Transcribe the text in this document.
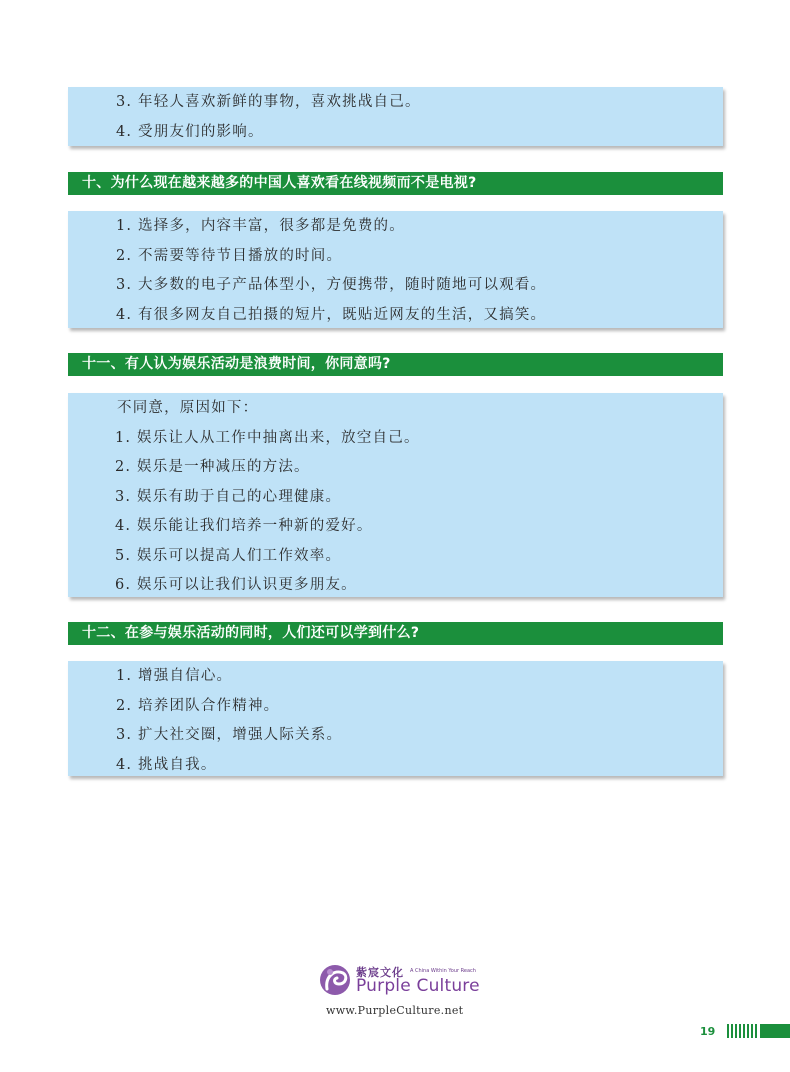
3. 年轻人喜欢新鲜的事物，喜欢挑战自己。
4. 受朋友们的影响。
十、为什么现在越来越多的中国人喜欢看在线视频而不是电视?
1. 选择多，内容丰富，很多都是免费的。
2. 不需要等待节目播放的时间。
3. 大多数的电子产品体型小，方便携带，随时随地可以观看。
4. 有很多网友自己拍摄的短片，既贴近网友的生活，又搞笑。
十一、有人认为娱乐活动是浪费时间，你同意吗?
不同意，原因如下：
1. 娱乐让人从工作中抽离出来，放空自己。
2. 娱乐是一种减压的方法。
3. 娱乐有助于自己的心理健康。
4. 娱乐能让我们培养一种新的爱好。
5. 娱乐可以提高人们工作效率。
6. 娱乐可以让我们认识更多朋友。
十二、在参与娱乐活动的同时，人们还可以学到什么?
1. 增强自信心。
2. 培养团队合作精神。
3. 扩大社交圈，增强人际关系。
4. 挑战自我。
紫宸文化 A China Within Your Reach
Purple Culture
www.PurpleCulture.net
19
